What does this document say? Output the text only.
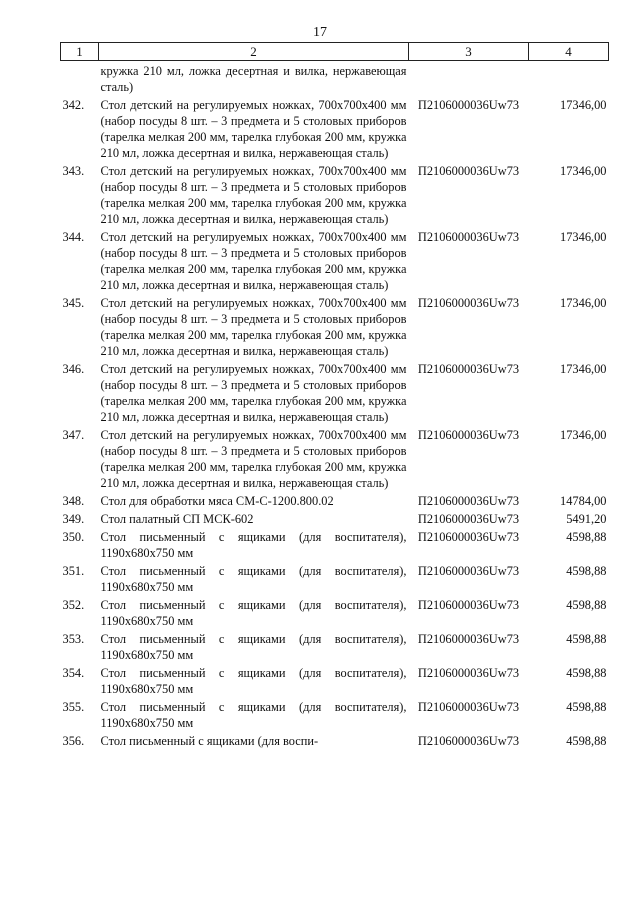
17
1	2	3	4
	кружка 210 мл, ложка десертная и вилка, нержавеющая сталь)		
342.	Стол детский на регулируемых ножках, 700х700х400 мм (набор посуды 8 шт. – 3 предмета и 5 столовых приборов (тарелка мелкая 200 мм, тарелка глубокая 200 мм, кружка 210 мл, ложка десертная и вилка, нержавеющая сталь)	П2106000036Uw73	17346,00
343.	Стол детский на регулируемых ножках, 700х700х400 мм (набор посуды 8 шт. – 3 предмета и 5 столовых приборов (тарелка мелкая 200 мм, тарелка глубокая 200 мм, кружка 210 мл, ложка десертная и вилка, нержавеющая сталь)	П2106000036Uw73	17346,00
344.	Стол детский на регулируемых ножках, 700х700х400 мм (набор посуды 8 шт. – 3 предмета и 5 столовых приборов (тарелка мелкая 200 мм, тарелка глубокая 200 мм, кружка 210 мл, ложка десертная и вилка, нержавеющая сталь)	П2106000036Uw73	17346,00
345.	Стол детский на регулируемых ножках, 700х700х400 мм (набор посуды 8 шт. – 3 предмета и 5 столовых приборов (тарелка мелкая 200 мм, тарелка глубокая 200 мм, кружка 210 мл, ложка десертная и вилка, нержавеющая сталь)	П2106000036Uw73	17346,00
346.	Стол детский на регулируемых ножках, 700х700х400 мм (набор посуды 8 шт. – 3 предмета и 5 столовых приборов (тарелка мелкая 200 мм, тарелка глубокая 200 мм, кружка 210 мл, ложка десертная и вилка, нержавеющая сталь)	П2106000036Uw73	17346,00
347.	Стол детский на регулируемых ножках, 700х700х400 мм (набор посуды 8 шт. – 3 предмета и 5 столовых приборов (тарелка мелкая 200 мм, тарелка глубокая 200 мм, кружка 210 мл, ложка десертная и вилка, нержавеющая сталь)	П2106000036Uw73	17346,00
348.	Стол для обработки мяса СМ-С-1200.800.02	П2106000036Uw73	14784,00
349.	Стол палатный СП МСК-602	П2106000036Uw73	5491,20
350.	Стол письменный с ящиками (для воспитателя), 1190х680х750 мм	П2106000036Uw73	4598,88
351.	Стол письменный с ящиками (для воспитателя), 1190х680х750 мм	П2106000036Uw73	4598,88
352.	Стол письменный с ящиками (для воспитателя), 1190х680х750 мм	П2106000036Uw73	4598,88
353.	Стол письменный с ящиками (для воспитателя), 1190х680х750 мм	П2106000036Uw73	4598,88
354.	Стол письменный с ящиками (для воспитателя), 1190х680х750 мм	П2106000036Uw73	4598,88
355.	Стол письменный с ящиками (для воспитателя), 1190х680х750 мм	П2106000036Uw73	4598,88
356.	Стол письменный с ящиками (для воспи-	П2106000036Uw73	4598,88
